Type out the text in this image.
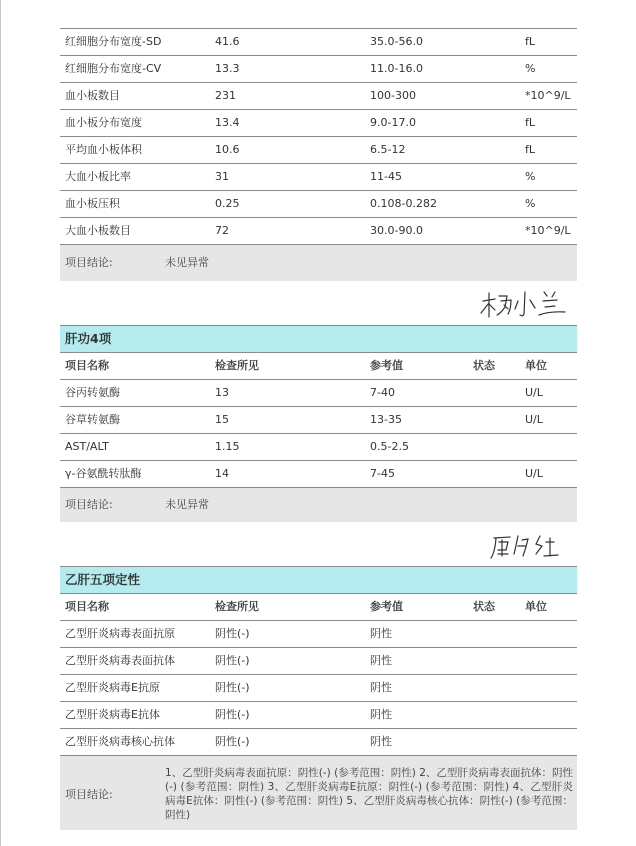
红细胞分布宽度-SD	41.6	35.0-56.0	fL
红细胞分布宽度-CV	13.3	11.0-16.0	%
血小板数目	231	100-300	*10^9/L
血小板分布宽度	13.4	9.0-17.0	fL
平均血小板体积	10.6	6.5-12	fL
大血小板比率	31	11-45	%
血小板压积	0.25	0.108-0.282	%
大血小板数目	72	30.0-90.0	*10^9/L
项目结论:	未见异常
肝功4项
项目名称	检查所见	参考值	状态	单位
谷丙转氨酶	13	7-40	U/L
谷草转氨酶	15	13-35	U/L
AST/ALT	1.15	0.5-2.5
γ-谷氨酰转肽酶	14	7-45	U/L
项目结论:	未见异常
乙肝五项定性
项目名称	检查所见	参考值	状态	单位
乙型肝炎病毒表面抗原	阴性(-)	阴性
乙型肝炎病毒表面抗体	阴性(-)	阴性
乙型肝炎病毒E抗原	阴性(-)	阴性
乙型肝炎病毒E抗体	阴性(-)	阴性
乙型肝炎病毒核心抗体	阴性(-)	阴性
项目结论:
1、乙型肝炎病毒表面抗原：阴性(-) (参考范围：阴性) 2、乙型肝炎病毒表面抗体：阴性(-) (参考范围：阴性) 3、乙型肝炎病毒E抗原：阴性(-) (参考范围：阴性) 4、乙型肝炎病毒E抗体：阴性(-) (参考范围：阴性) 5、乙型肝炎病毒核心抗体：阴性(-) (参考范围：阴性)
